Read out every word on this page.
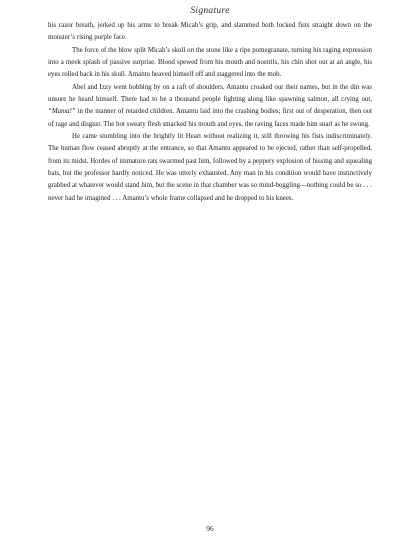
Signature

his razor breath, jerked up his arms to break Micah’s grip, and slammed both locked fists straight down on the monster’s rising purple face.

The force of the blow split Micah’s skull on the stone like a ripe pomegranate, turning his raging expression into a meek splash of passive surprise. Blood spewed from his mouth and nostrils, his chin shot out at an angle, his eyes rolled back in his skull. Amantu heaved himself off and staggered into the mob.

Abel and Izzy went bobbing by on a raft of shoulders. Amantu croaked out their names, but in the din was unsure he heard himself. There had to be a thousand people fighting along like spawning salmon, all crying out, “Mama!” in the manner of retarded children. Amantu laid into the crashing bodies; first out of desperation, then out of rage and disgust. The hot sweaty flesh smacked his mouth and eyes, the raving faces made him snarl as he swung.

He came stumbling into the brightly lit Heart without realizing it, still throwing his fists indiscriminately. The human flow ceased abruptly at the entrance, so that Amantu appeared to be ejected, rather than self-propelled, from its midst. Hordes of immature rats swarmed past him, followed by a peppery explosion of hissing and squealing bats, but the professor hardly noticed. He was utterly exhausted. Any man in his condition would have instinctively grabbed at whatever would stand him, but the scene in that chamber was so mind-boggling—nothing could be so . . . never had he imagined . . . Amantu’s whole frame collapsed and he dropped to his knees.

96
